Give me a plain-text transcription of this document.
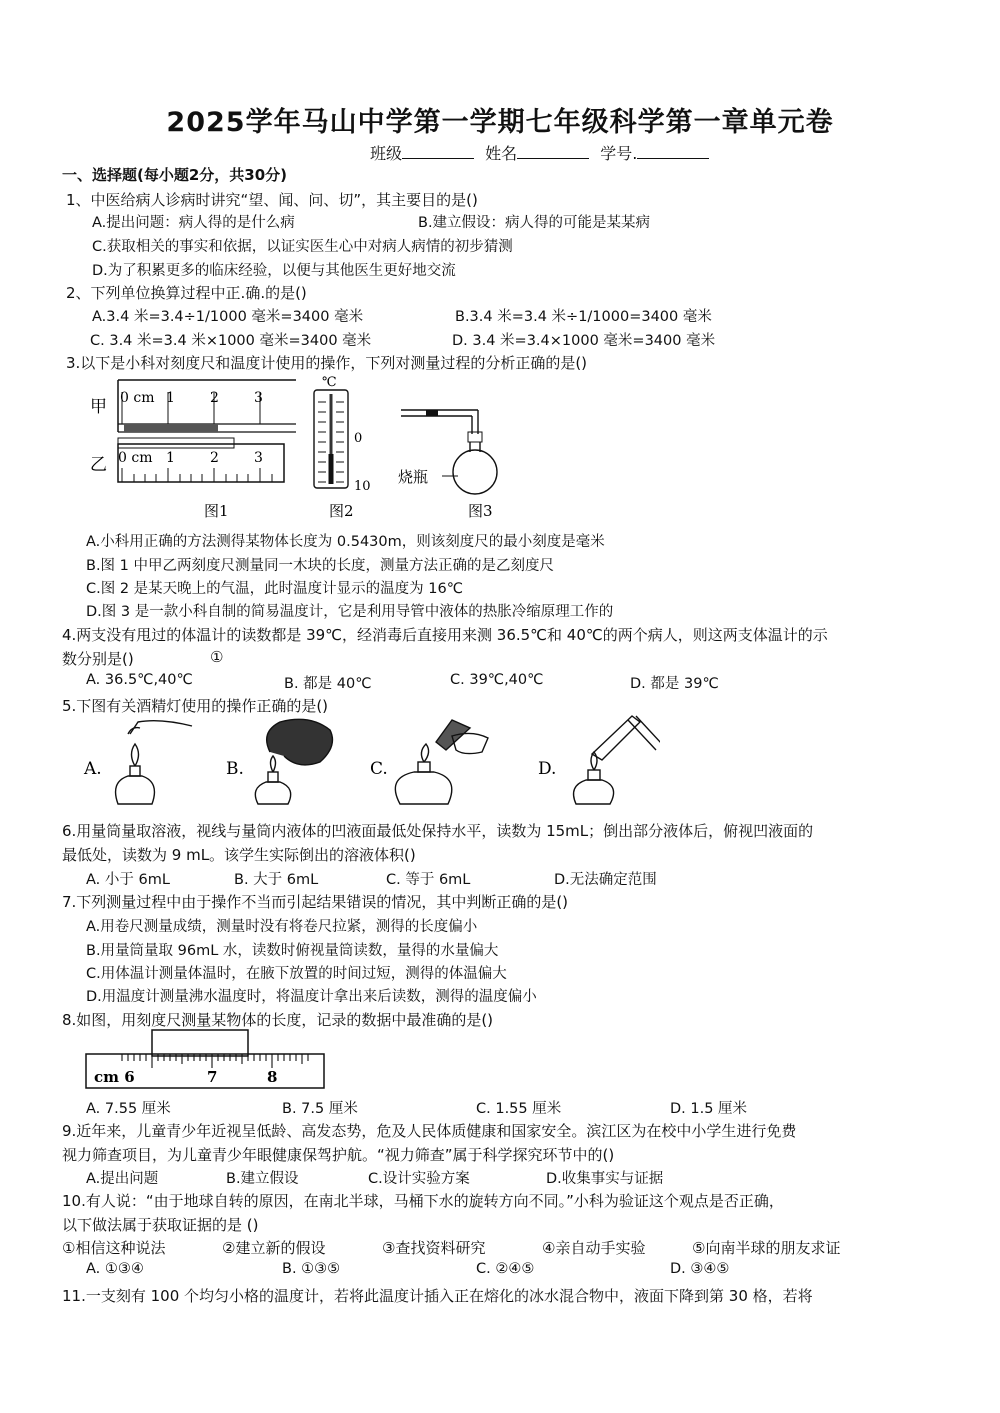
2025学年马山中学第一学期七年级科学第一章单元卷
班级	姓名	学号.
一、选择题(每小题2分，共30分)
1、中医给病人诊病时讲究“望、闻、问、切”，其主要目的是()
A.提出问题：病人得的是什么病	B.建立假设：病人得的可能是某某病
C.获取相关的事实和依据，以证实医生心中对病人病情的初步猜测
D.为了积累更多的临床经验，以便与其他医生更好地交流
2、下列单位换算过程中正.确.的是()
A.3.4 米=3.4÷1/1000 毫米=3400 毫米	B.3.4 米=3.4 米÷1/1000=3400 毫米
C. 3.4 米=3.4 米×1000 毫米=3400 毫米	D. 3.4 米=3.4×1000 毫米=3400 毫米
3.以下是小科对刻度尺和温度计使用的操作，下列对测量过程的分析正确的是()
甲
乙
0 cm 1	2	3
0 cm 1	2	3
图1
℃
0
10
图2
烧瓶
图3
A.小科用正确的方法测得某物体长度为 0.5430m，则该刻度尺的最小刻度是毫米
B.图 1 中甲乙两刻度尺测量同一木块的长度，测量方法正确的是乙刻度尺
C.图 2 是某天晚上的气温，此时温度计显示的温度为 16℃
D.图 3 是一款小科自制的简易温度计，它是利用导管中液体的热胀冷缩原理工作的
4.两支没有甩过的体温计的读数都是 39℃，经消毒后直接用来测 36.5℃和 40℃的两个病人，则这两支体温计的示
数分别是()	①
A. 36.5℃,40℃	B. 都是 40℃	C. 39℃,40℃	D. 都是 39℃
5.下图有关酒精灯使用的操作正确的是()
A.	B.	C.	D.
6.用量筒量取溶液，视线与量筒内液体的凹液面最低处保持水平，读数为 15mL；倒出部分液体后，俯视凹液面的
最低处，读数为 9 mL。该学生实际倒出的溶液体积()
A. 小于 6mL	B. 大于 6mL	C. 等于 6mL	D.无法确定范围
7.下列测量过程中由于操作不当而引起结果错误的情况，其中判断正确的是()
A.用卷尺测量成绩，测量时没有将卷尺拉紧，测得的长度偏小
B.用量筒量取 96mL 水，读数时俯视量筒读数，量得的水量偏大
C.用体温计测量体温时，在腋下放置的时间过短，测得的体温偏大
D.用温度计测量沸水温度时，将温度计拿出来后读数，测得的温度偏小
8.如图，用刻度尺测量某物体的长度，记录的数据中最准确的是()
cm 6	7	8
A. 7.55 厘米	B. 7.5 厘米	C. 1.55 厘米	D. 1.5 厘米
9.近年来，儿童青少年近视呈低龄、高发态势，危及人民体质健康和国家安全。滨江区为在校中小学生进行免费
视力筛查项目，为儿童青少年眼健康保驾护航。“视力筛查”属于科学探究环节中的()
A.提出问题	B.建立假设	C.设计实验方案	D.收集事实与证据
10.有人说：“由于地球自转的原因，在南北半球，马桶下水的旋转方向不同。”小科为验证这个观点是否正确，
以下做法属于获取证据的是 ()
①相信这种说法	②建立新的假设	③查找资料研究	④亲自动手实验	⑤向南半球的朋友求证
A. ①③④	B. ①③⑤	C. ②④⑤	D. ③④⑤
11.一支刻有 100 个均匀小格的温度计，若将此温度计插入正在熔化的冰水混合物中，液面下降到第 30 格，若将
